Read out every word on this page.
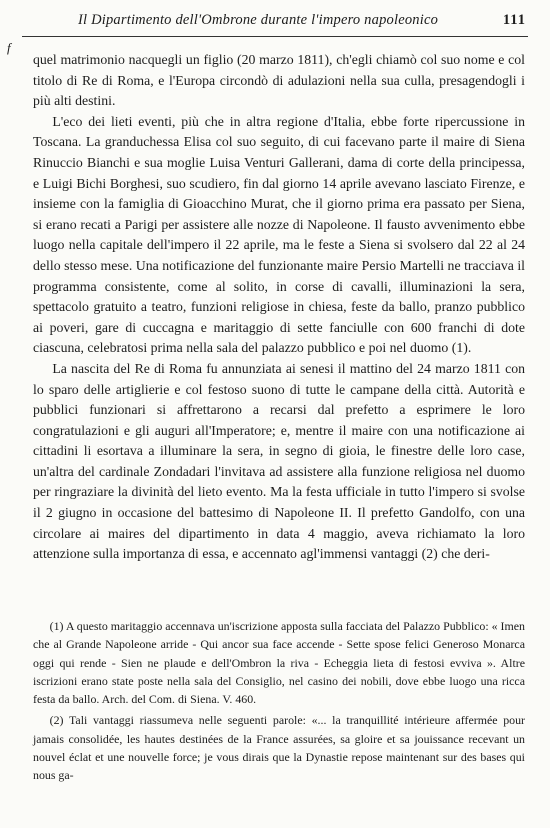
Il Dipartimento dell'Ombrone durante l'impero napoleonico	111
f

quel matrimonio nacquegli un figlio (20 marzo 1811), ch'egli chiamò col suo nome e col titolo di Re di Roma, e l'Europa circondò di adulazioni nella sua culla, presagendogli i più alti destini.

L'eco dei lieti eventi, più che in altra regione d'Italia, ebbe forte ripercussione in Toscana. La granduchessa Elisa col suo seguito, di cui facevano parte il maire di Siena Rinuccio Bianchi e sua moglie Luisa Venturi Gallerani, dama di corte della principessa, e Luigi Bichi Borghesi, suo scudiero, fin dal giorno 14 aprile avevano lasciato Firenze, e insieme con la famiglia di Gioacchino Murat, che il giorno prima era passato per Siena, si erano recati a Parigi per assistere alle nozze di Napoleone. Il fausto avvenimento ebbe luogo nella capitale dell'impero il 22 aprile, ma le feste a Siena si svolsero dal 22 al 24 dello stesso mese. Una notificazione del funzionante maire Persio Martelli ne tracciava il programma consistente, come al solito, in corse di cavalli, illuminazioni la sera, spettacolo gratuito a teatro, funzioni religiose in chiesa, feste da ballo, pranzo pubblico ai poveri, gare di cuccagna e maritaggio di sette fanciulle con 600 franchi di dote ciascuna, celebratosi prima nella sala del palazzo pubblico e poi nel duomo (1).

La nascita del Re di Roma fu annunziata ai senesi il mattino del 24 marzo 1811 con lo sparo delle artiglierie e col festoso suono di tutte le campane della città. Autorità e pubblici funzionari si affrettarono a recarsi dal prefetto a esprimere le loro congratulazioni e gli auguri all'Imperatore; e, mentre il maire con una notificazione ai cittadini li esortava a illuminare la sera, in segno di gioia, le finestre delle loro case, un'altra del cardinale Zondadari l'invitava ad assistere alla funzione religiosa nel duomo per ringraziare la divinità del lieto evento. Ma la festa ufficiale in tutto l'impero si svolse il 2 giugno in occasione del battesimo di Napoleone II. Il prefetto Gandolfo, con una circolare ai maires del dipartimento in data 4 maggio, aveva richiamato la loro attenzione sulla importanza di essa, e accennato agl'immensi vantaggi (2) che deri-

(1) A questo maritaggio accennava un'iscrizione apposta sulla facciata del Palazzo Pubblico: « Imen che al Grande Napoleone arride - Qui ancor sua face accende - Sette spose felici Generoso Monarca oggi qui rende - Sien ne plaude e dell'Ombron la riva - Echeggia lieta di festosi evviva ». Altre iscrizioni erano state poste nella sala del Consiglio, nel casino dei nobili, dove ebbe luogo una ricca festa da ballo. Arch. del Com. di Siena. V. 460.

(2) Tali vantaggi riassumeva nelle seguenti parole: «... la tranquillité intérieure affermée pour jamais consolidée, les hautes destinées de la France assurées, sa gloire et sa jouissance recevant un nouvel éclat et une nouvelle force; je vous dirais que la Dynastie repose maintenant sur des bases qui nous ga-
